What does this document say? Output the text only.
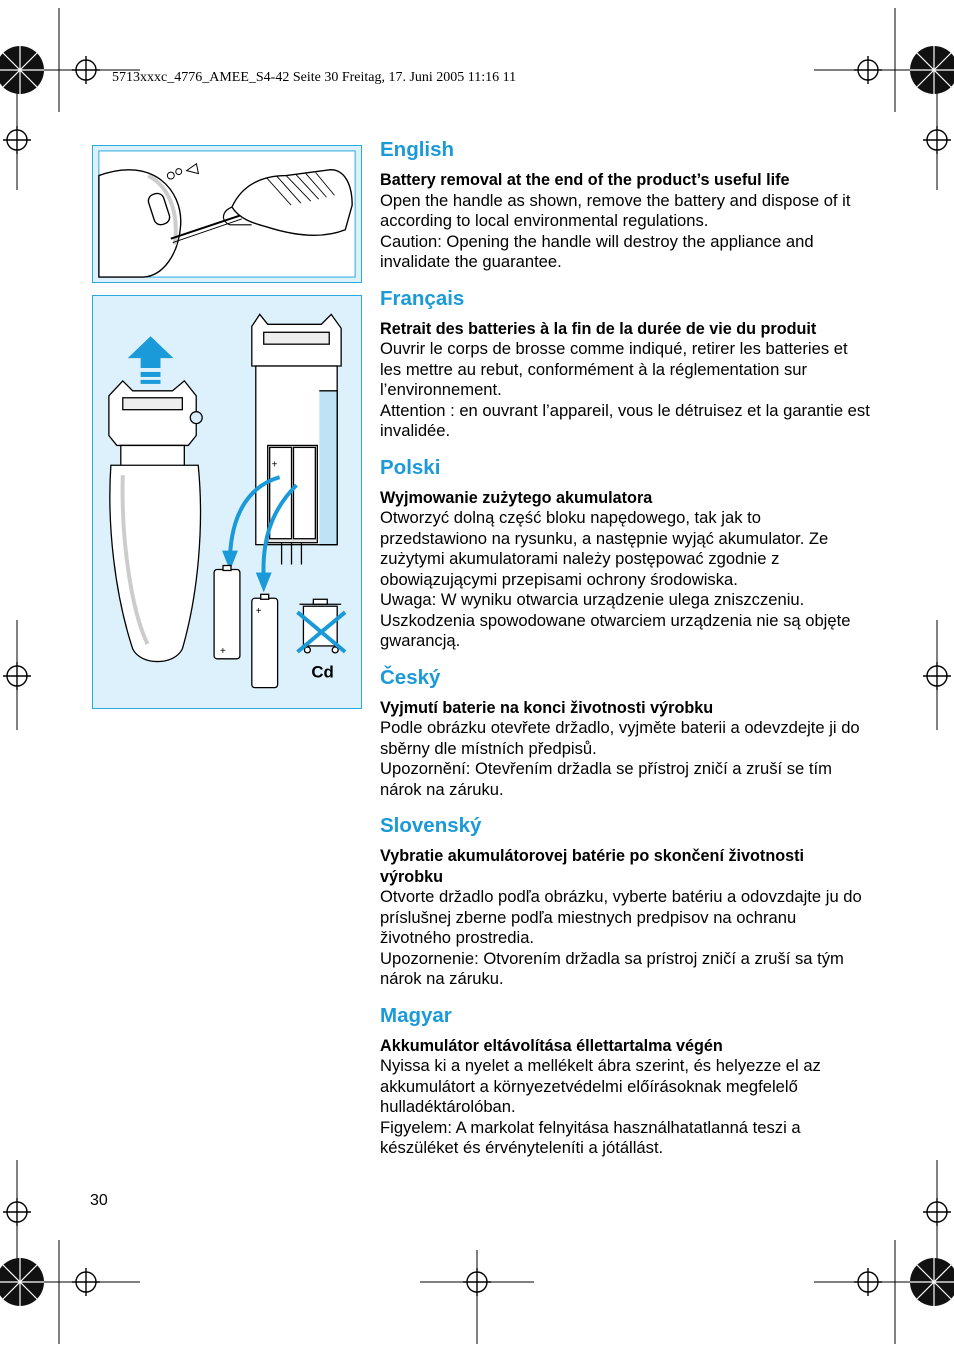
5713xxxc_4776_AMEE_S4-42 Seite 30 Freitag, 17. Juni 2005 11:16 11
+
+
+
Cd
English
Battery removal at the end of the product’s useful life

Open the handle as shown, remove the battery and dispose of it according to local environmental regulations.

Caution: Opening the handle will destroy the appliance and invalidate the guarantee.

Français
Retrait des batteries à la fin de la durée de vie du produit

Ouvrir le corps de brosse comme indiqué, retirer les batteries et les mettre au rebut, conformément à la réglementation sur l’environnement.

Attention : en ouvrant l’appareil, vous le détruisez et la garantie est invalidée.

Polski
Wyjmowanie zużytego akumulatora

Otworzyć dolną część bloku napędowego, tak jak to przedstawiono na rysunku, a następnie wyjąć akumulator. Ze zużytymi akumulatorami należy postępować zgodnie z obowiązującymi przepisami ochrony środowiska.

Uwaga: W wyniku otwarcia urządzenie ulega zniszczeniu. Uszkodzenia spowodowane otwarciem urządzenia nie są objęte gwarancją.

Český
Vyjmutí baterie na konci životnosti výrobku

Podle obrázku otevřete držadlo, vyjměte baterii a odevzdejte ji do sběrny dle místních předpisů.

Upozornění: Otevřením držadla se přístroj zničí a zruší se tím nárok na záruku.

Slovenský
Vybratie akumulátorovej batérie po skončení životnosti výrobku

Otvorte držadlo podľa obrázku, vyberte batériu a odovzdajte ju do príslušnej zberne podľa miestnych predpisov na ochranu životného prostredia.

Upozornenie: Otvorením držadla sa prístroj zničí a zruší sa tým nárok na záruku.

Magyar
Akkumulátor eltávolítása éllettartalma végén

Nyissa ki a nyelet a mellékelt ábra szerint, és helyezze el az akkumulátort a környezetvédelmi előírásoknak megfelelő hulladéktárolóban.

Figyelem: A markolat felnyitása használhatatlanná teszi a készüléket és érvényteleníti a jótállást.

30
